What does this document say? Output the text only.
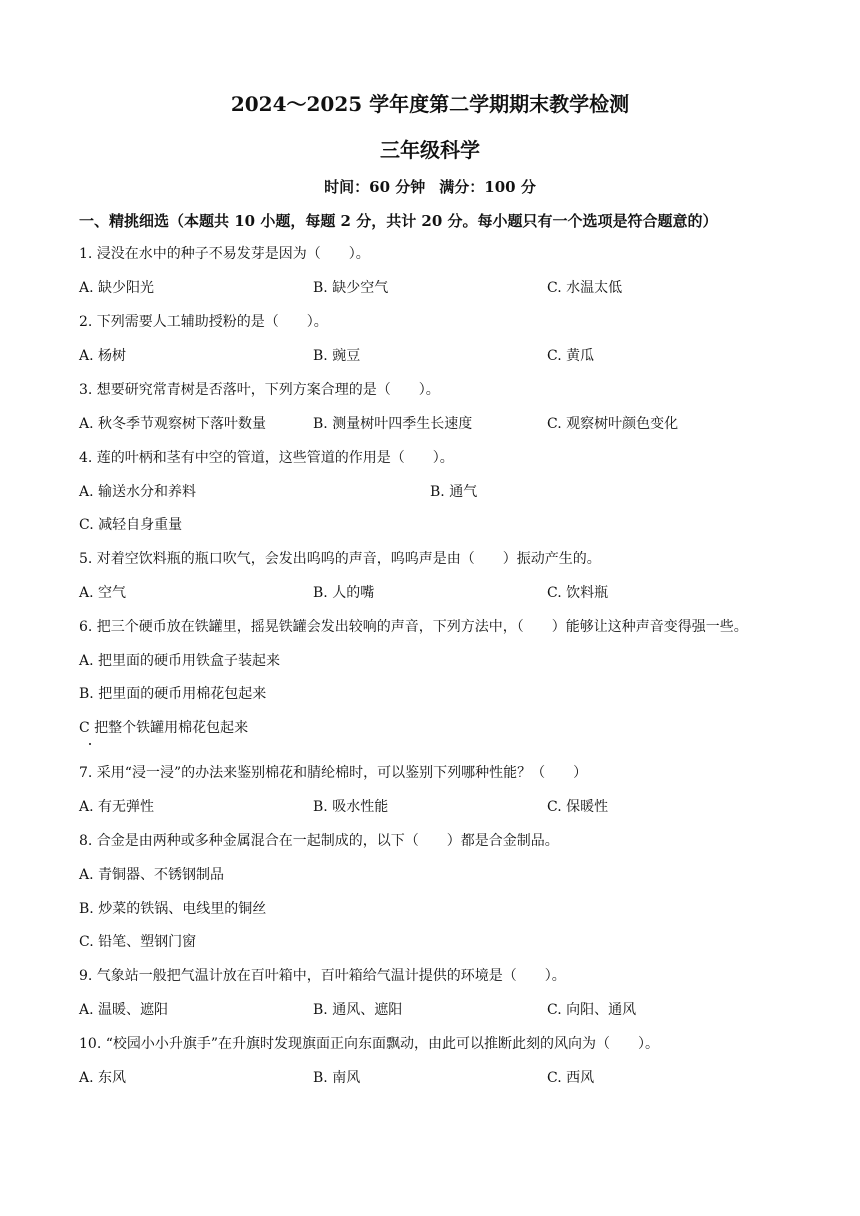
2024～2025 学年度第二学期期末教学检测
三年级科学
时间：60 分钟 满分：100 分
一、精挑细选（本题共 10 小题，每题 2 分，共计 20 分。每小题只有一个选项是符合题意的）
1. 浸没在水中的种子不易发芽是因为（　　）。
A. 缺少阳光	B. 缺少空气	C. 水温太低
2. 下列需要人工辅助授粉的是（　　）。
A. 杨树	B. 豌豆	C. 黄瓜
3. 想要研究常青树是否落叶，下列方案合理的是（　　）。
A. 秋冬季节观察树下落叶数量	B. 测量树叶四季生长速度	C. 观察树叶颜色变化
4. 莲的叶柄和茎有中空的管道，这些管道的作用是（　　）。
A. 输送水分和养料	B. 通气
C. 减轻自身重量
5. 对着空饮料瓶的瓶口吹气，会发出呜呜的声音，呜呜声是由（　　）振动产生的。
A. 空气	B. 人的嘴	C. 饮料瓶
6. 把三个硬币放在铁罐里，摇晃铁罐会发出较响的声音，下列方法中，（　　）能够让这种声音变得强一些。
A. 把里面的硬币用铁盒子装起来
B. 把里面的硬币用棉花包起来
C 把整个铁罐用棉花包起来
7. 采用“浸一浸”的办法来鉴别棉花和腈纶棉时，可以鉴别下列哪种性能？（　　）
A. 有无弹性	B. 吸水性能	C. 保暖性
8. 合金是由两种或多种金属混合在一起制成的，以下（　　）都是合金制品。
A. 青铜器、不锈钢制品
B. 炒菜的铁锅、电线里的铜丝
C. 铅笔、塑钢门窗
9. 气象站一般把气温计放在百叶箱中，百叶箱给气温计提供的环境是（　　）。
A. 温暖、遮阳	B. 通风、遮阳	C. 向阳、通风
10. “校园小小升旗手”在升旗时发现旗面正向东面飘动，由此可以推断此刻的风向为（　　）。
A. 东风	B. 南风	C. 西风
